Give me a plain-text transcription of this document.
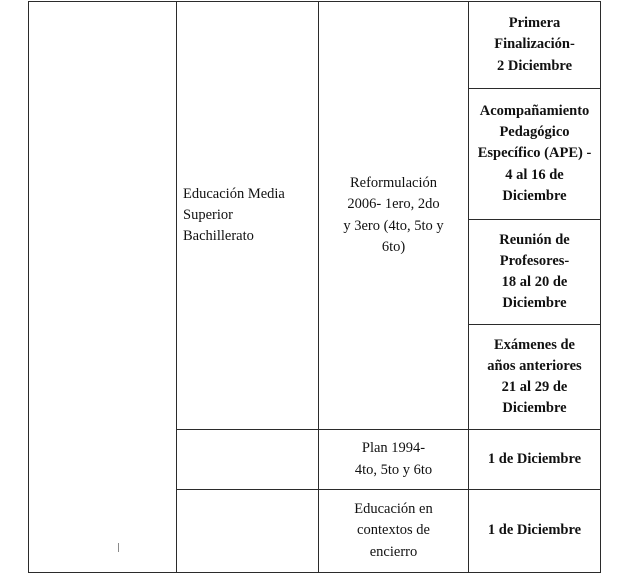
	Educación Media
Superior
Bachillerato	Reformulación
2006- 1ero, 2do
y 3ero (4to, 5to y
6to)	Primera
Finalización-
2 Diciembre

			Acompañamiento
Pedagógico
Específico (APE) -
4 al 16 de
Diciembre

			Reunión de
Profesores-
18 al 20 de
Diciembre

			Exámenes de
años anteriores
21 al 29 de
Diciembre

		Plan 1994-
4to, 5to y 6to	1 de Diciembre

		Educación en
contextos de
encierro	1 de Diciembre
